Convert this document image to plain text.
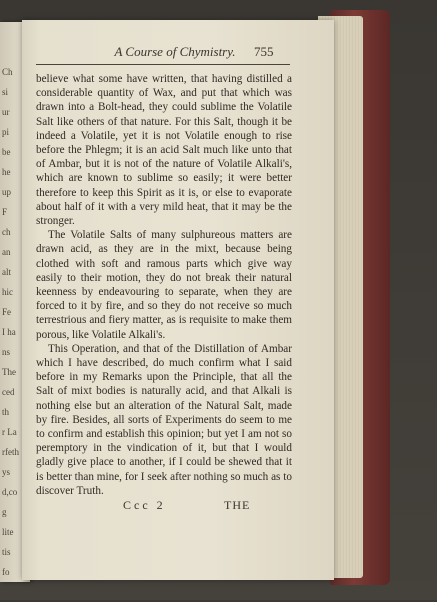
Ch
si
ur
pi
be
he
up
F
ch
an
alt
hic
Fe
I ha
ns
The
ced
th
r La
rfeth
ys
d,co
g
lite
tis
fo
is
A Course of Chymistry.	755

believe what some have written, that having distilled a considerable quantity of Wax, and put that which was drawn into a Bolt-head, they could sublime the Volatile Salt like others of that nature. For this Salt, though it be indeed a Volatile, yet it is not Volatile enough to rise before the Phlegm; it is an acid Salt much like unto that of Ambar, but it is not of the nature of Volatile Alkali's, which are known to sublime so easily; it were better therefore to keep this Spirit as it is, or else to evaporate about half of it with a very mild heat, that it may be the stronger.

The Volatile Salts of many sulphureous matters are drawn acid, as they are in the mixt, because being clothed with soft and ramous parts which give way easily to their motion, they do not break their natural keenness by endeavouring to separate, when they are forced to it by fire, and so they do not receive so much terrestrious and fiery matter, as is requisite to make them porous, like Volatile Alkali's.

This Operation, and that of the Distillation of Ambar which I have described, do much confirm what I said before in my Remarks upon the Principle, that all the Salt of mixt bodies is naturally acid, and that Alkali is nothing else but an alteration of the Natural Salt, made by fire. Besides, all sorts of Experiments do seem to me to confirm and establish this opinion; but yet I am not so peremptory in the vindication of it, but that I would gladly give place to another, if I could be shewed that it is better than mine, for I seek after nothing so much as to discover Truth.

Ccc 2	THE
